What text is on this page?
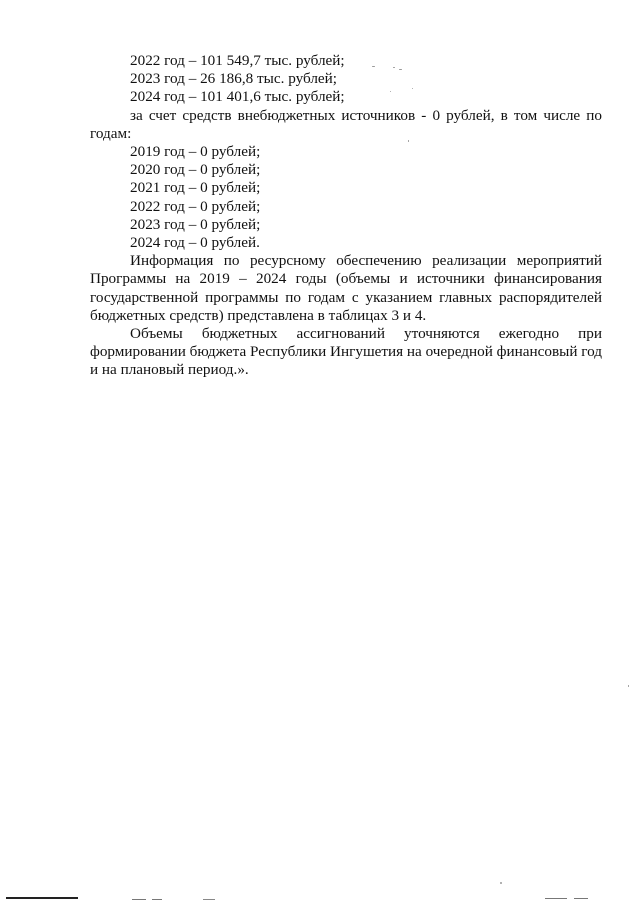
2022 год – 101 549,7 тыс. рублей;
2023 год – 26 186,8 тыс. рублей;
2024 год – 101 401,6 тыс. рублей;
за счет средств внебюджетных источников - 0 рублей, в том числе по
годам:
2019 год – 0 рублей;
2020 год – 0 рублей;
2021 год – 0 рублей;
2022 год – 0 рублей;
2023 год – 0 рублей;
2024 год – 0 рублей.

Информация по ресурсному обеспечению реализации мероприятий Программы на 2019 – 2024 годы (объемы и источники финансирования государственной программы по годам с указанием главных распорядителей бюджетных средств) представлена в таблицах 3 и 4.

Объемы бюджетных ассигнований уточняются ежегодно при формировании бюджета Республики Ингушетия на очередной финансовый год и на плановый период.».
